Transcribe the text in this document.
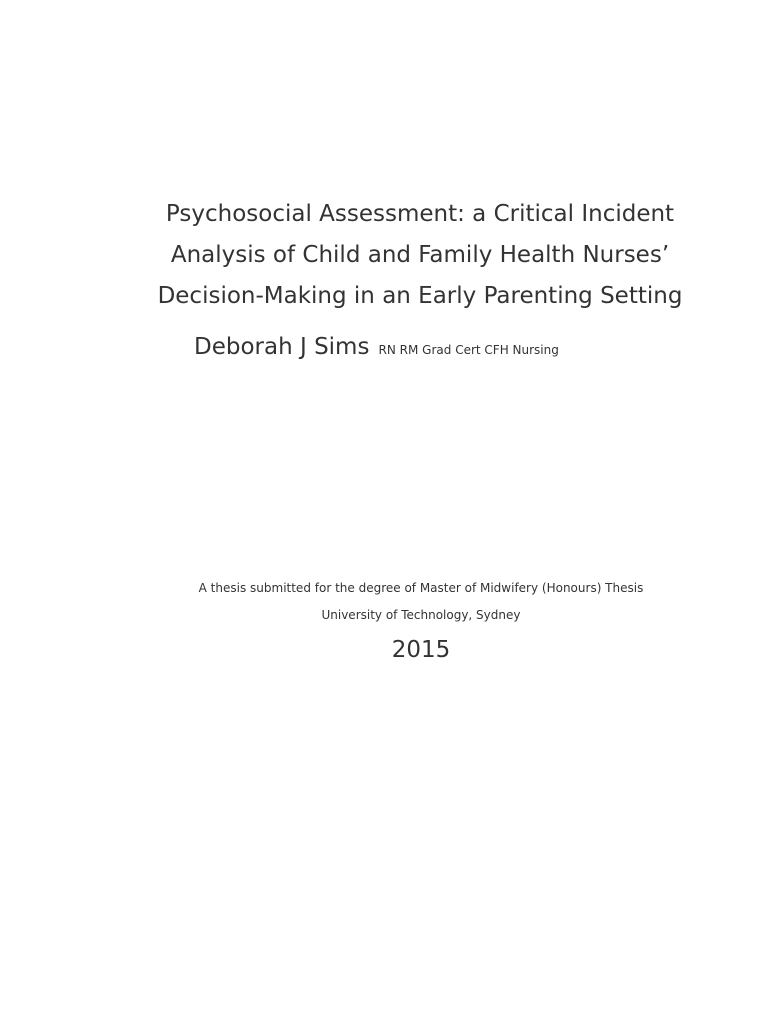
Psychosocial Assessment: a Critical Incident
Analysis of Child and Family Health Nurses’
Decision-Making in an Early Parenting Setting
Deborah J Sims RN RM Grad Cert CFH Nursing
A thesis submitted for the degree of Master of Midwifery (Honours) Thesis
University of Technology, Sydney
2015
